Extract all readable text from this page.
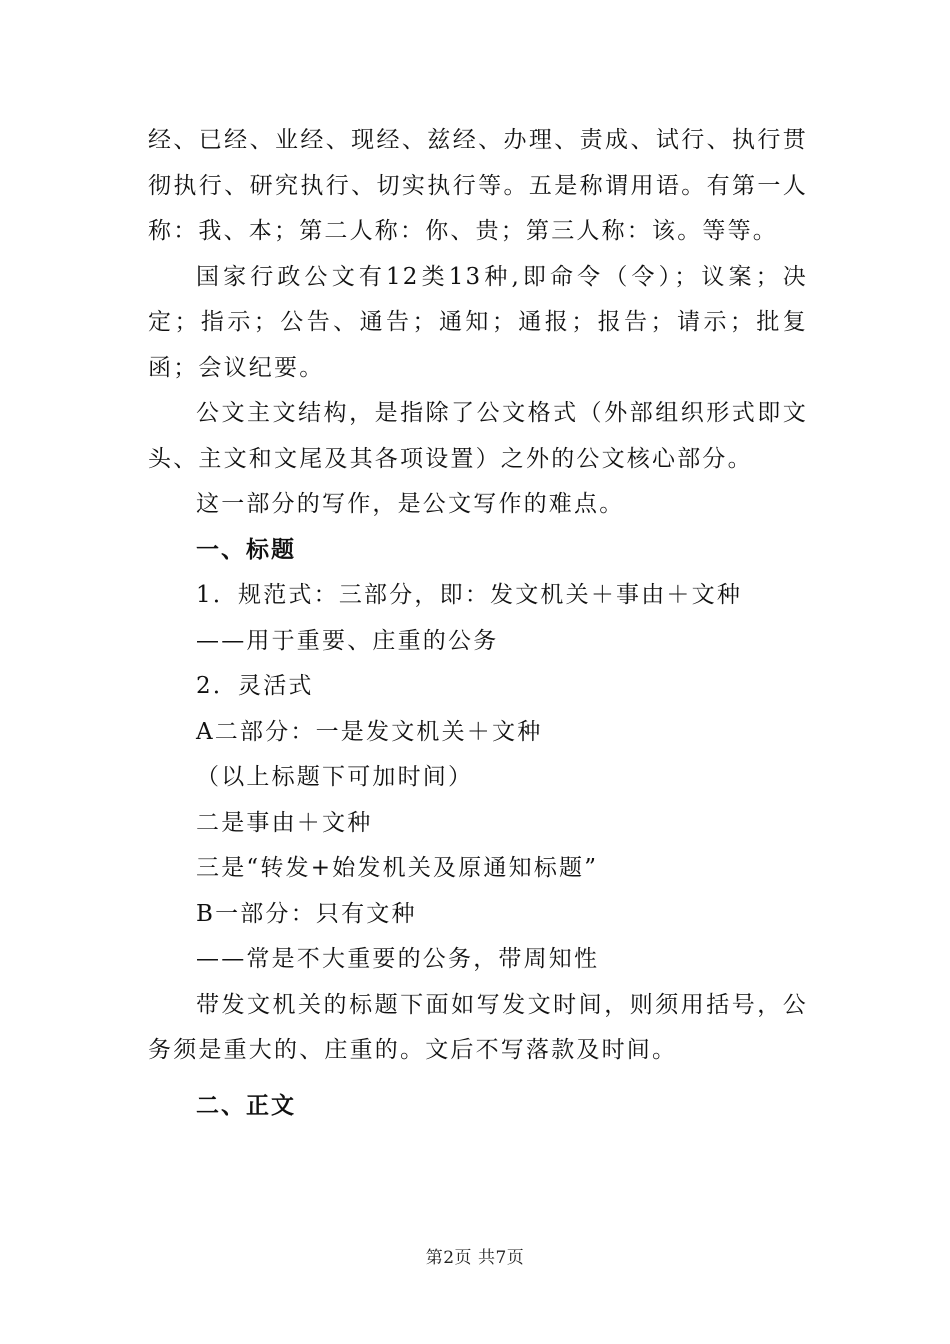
经、已经、业经、现经、兹经、办理、责成、试行、执行贯彻执行、研究执行、切实执行等。五是称谓用语。有第一人称：我、本；第二人称：你、贵；第三人称：该。等等。

国家行政公文有12类13种,即命令（令）；议案；决定；指示；公告、通告；通知；通报；报告；请示；批复函；会议纪要。

公文主文结构，是指除了公文格式（外部组织形式即文头、主文和文尾及其各项设置）之外的公文核心部分。

这一部分的写作，是公文写作的难点。

一、标题

1．规范式：三部分，即：发文机关＋事由＋文种

——用于重要、庄重的公务

2．灵活式

A二部分：一是发文机关＋文种

（以上标题下可加时间）

二是事由＋文种

三是“转发+始发机关及原通知标题”

B一部分：只有文种

——常是不大重要的公务，带周知性

带发文机关的标题下面如写发文时间，则须用括号，公务须是重大的、庄重的。文后不写落款及时间。

二、正文

第2页 共7页
